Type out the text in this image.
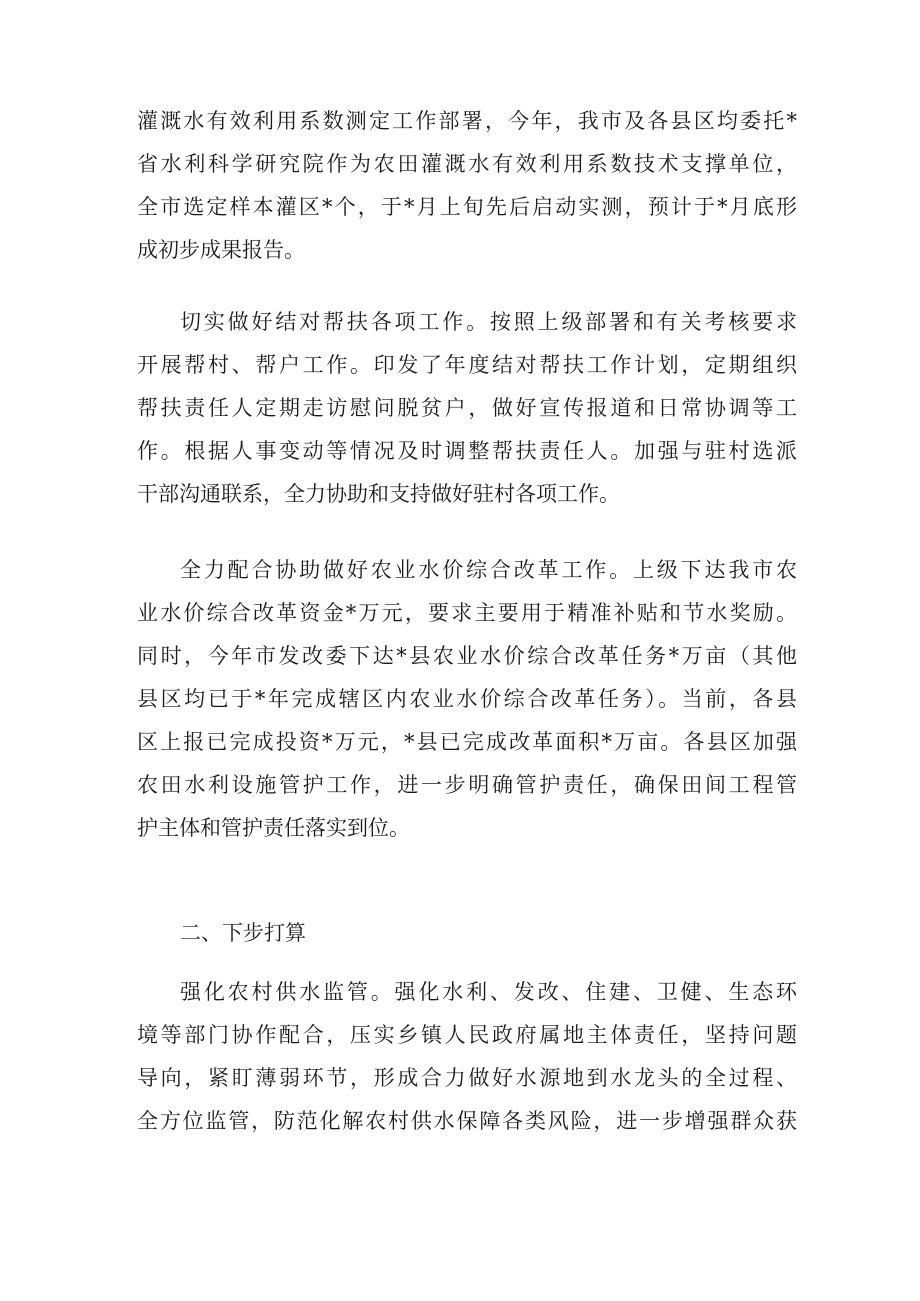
灌溉水有效利用系数测定工作部署，今年，我市及各县区均委托*
省水利科学研究院作为农田灌溉水有效利用系数技术支撑单位，
全市选定样本灌区*个，于*月上旬先后启动实测，预计于*月底形
成初步成果报告。
切实做好结对帮扶各项工作。按照上级部署和有关考核要求
开展帮村、帮户工作。印发了年度结对帮扶工作计划，定期组织
帮扶责任人定期走访慰问脱贫户，做好宣传报道和日常协调等工
作。根据人事变动等情况及时调整帮扶责任人。加强与驻村选派
干部沟通联系，全力协助和支持做好驻村各项工作。
全力配合协助做好农业水价综合改革工作。上级下达我市农
业水价综合改革资金*万元，要求主要用于精准补贴和节水奖励。
同时，今年市发改委下达*县农业水价综合改革任务*万亩（其他
县区均已于*年完成辖区内农业水价综合改革任务）。当前，各县
区上报已完成投资*万元，*县已完成改革面积*万亩。各县区加强
农田水利设施管护工作，进一步明确管护责任，确保田间工程管
护主体和管护责任落实到位。
二、下步打算
强化农村供水监管。强化水利、发改、住建、卫健、生态环
境等部门协作配合，压实乡镇人民政府属地主体责任，坚持问题
导向，紧盯薄弱环节，形成合力做好水源地到水龙头的全过程、
全方位监管，防范化解农村供水保障各类风险，进一步增强群众获
